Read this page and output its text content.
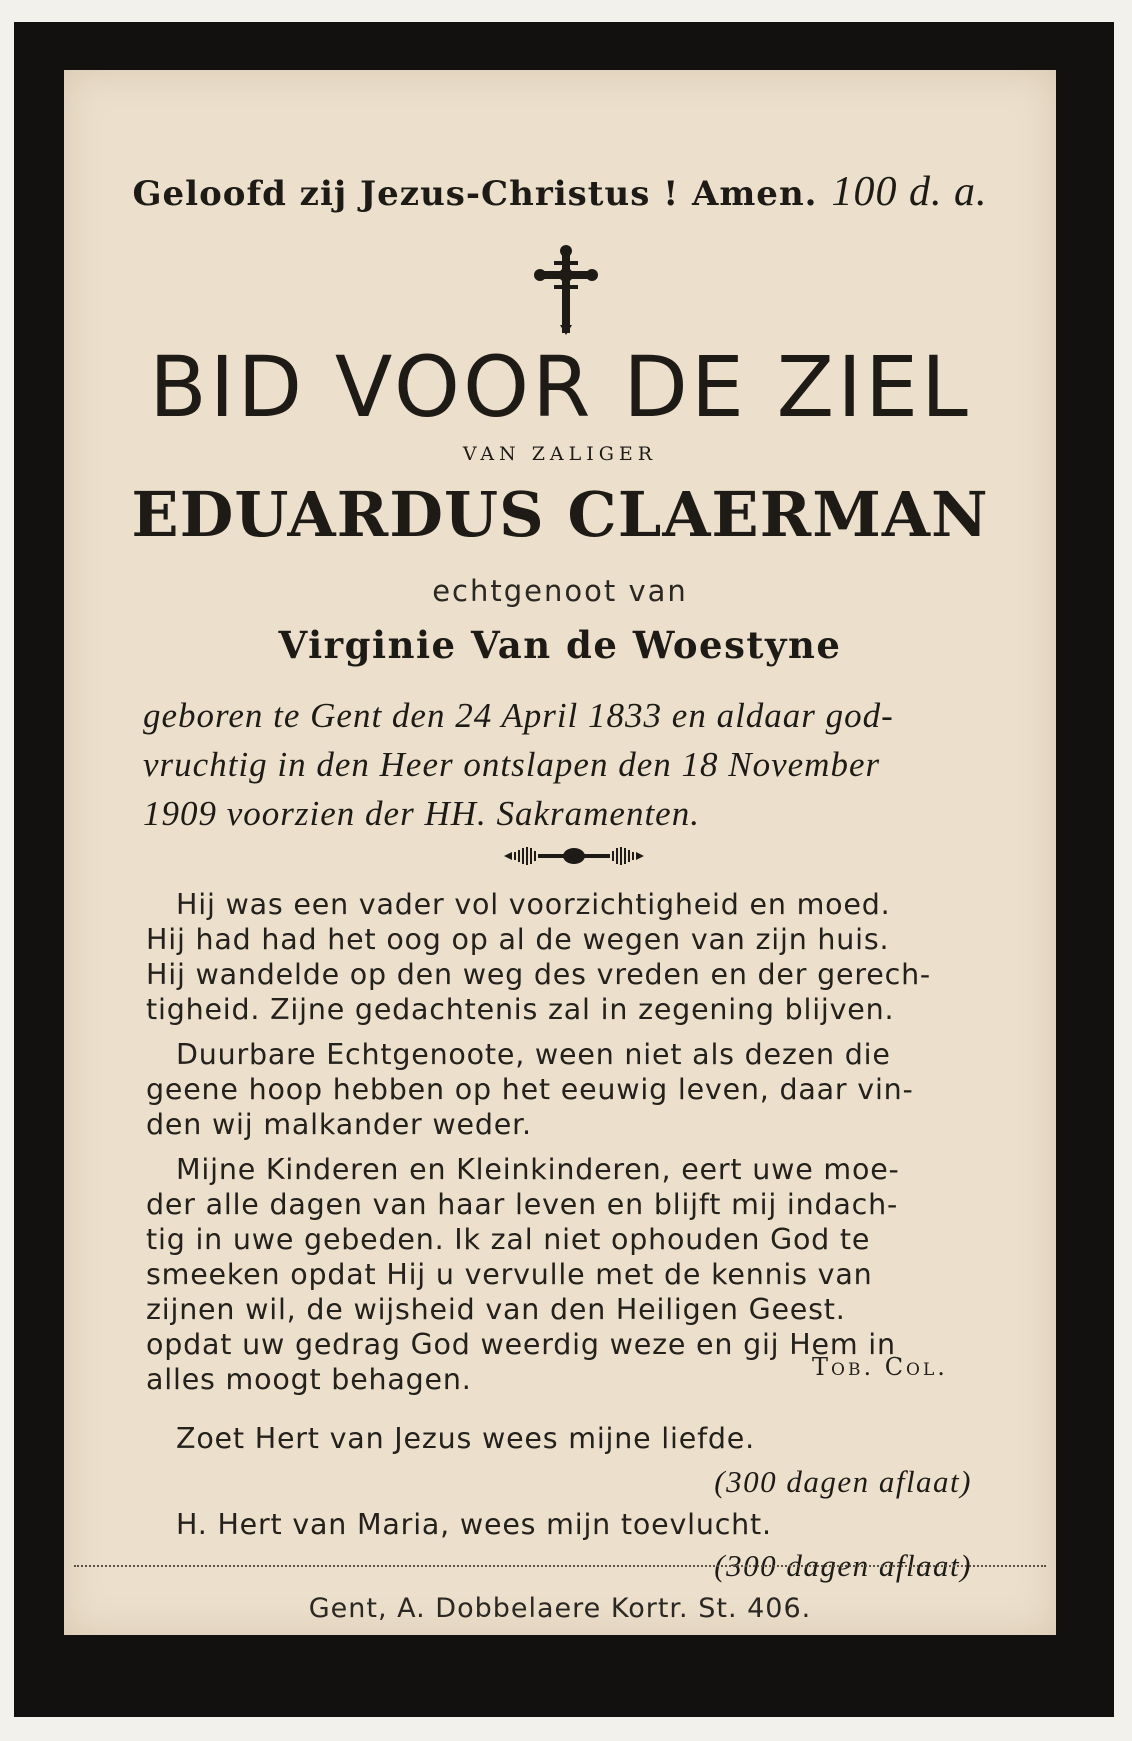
Geloofd zij Jezus-Christus ! Amen. 100 d. a.
BID VOOR DE ZIEL
VAN ZALIGER
EDUARDUS CLAERMAN
echtgenoot van
Virginie Van de Woestyne
geboren te Gent den 24 April 1833 en aldaar god-
vruchtig in den Heer ontslapen den 18 November
1909 voorzien der HH. Sakramenten.
Hij was een vader vol voorzichtigheid en moed.
Hij had had het oog op al de wegen van zijn huis.
Hij wandelde op den weg des vreden en der gerech-
tigheid. Zijne gedachtenis zal in zegening blijven.
Duurbare Echtgenoote, ween niet als dezen die
geene hoop hebben op het eeuwig leven, daar vin-
den wij malkander weder.
Mijne Kinderen en Kleinkinderen, eert uwe moe-
der alle dagen van haar leven en blijft mij indach-
tig in uwe gebeden. Ik zal niet ophouden God te
smeeken opdat Hij u vervulle met de kennis van
zijnen wil, de wijsheid van den Heiligen Geest.
opdat uw gedrag God weerdig weze en gij Hem in
alles moogt behagen.	Tob. Col.
Zoet Hert van Jezus wees mijne liefde.
(300 dagen aflaat)
H. Hert van Maria, wees mijn toevlucht.
(300 dagen aflaat)
Gent, A. Dobbelaere Kortr. St. 406.
